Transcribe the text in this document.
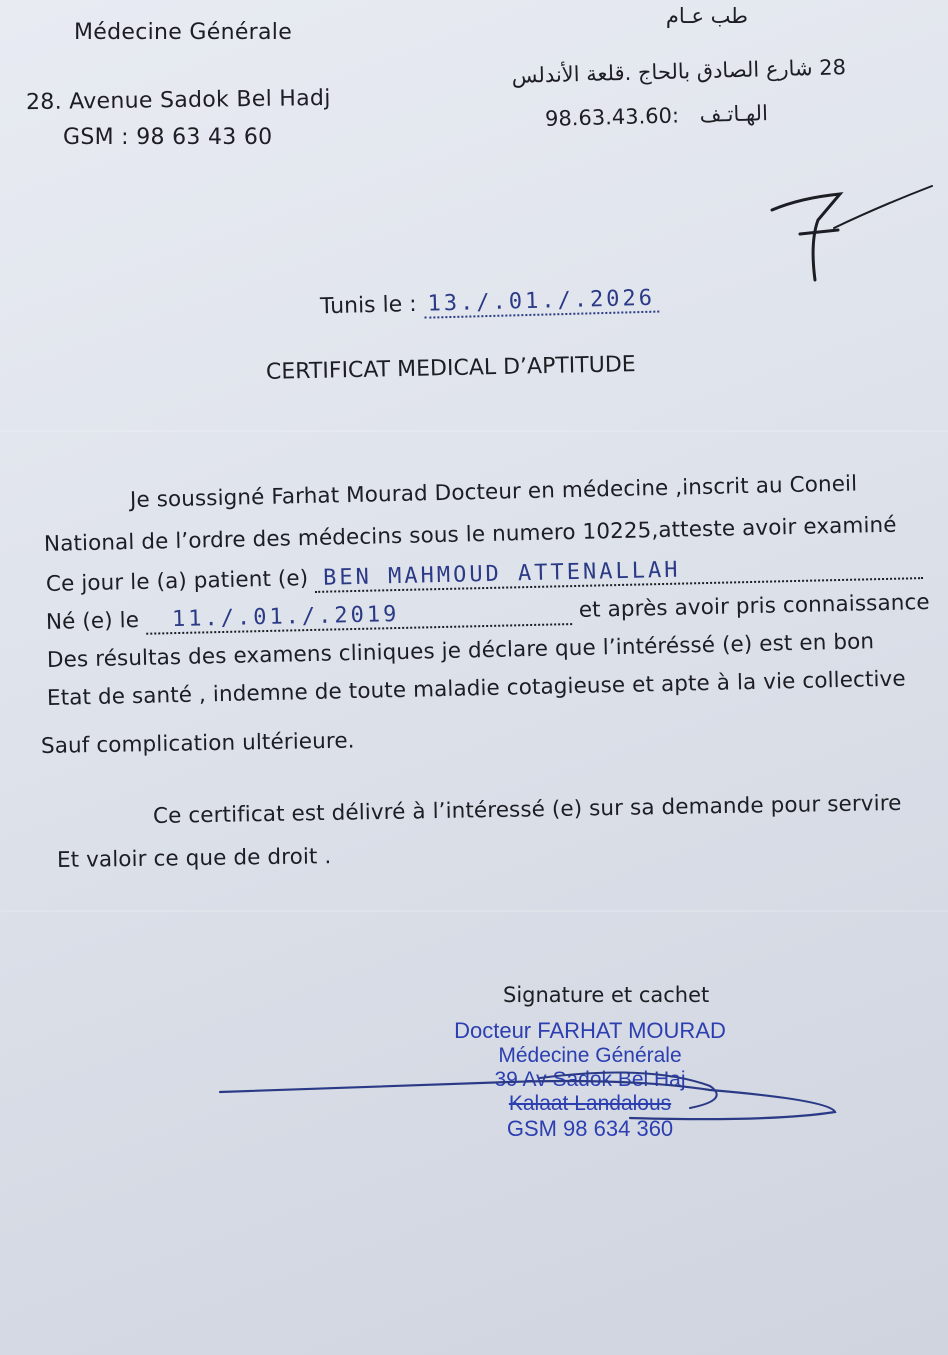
Médecine Générale
28. Avenue Sadok Bel Hadj
GSM : 98 63 43 60
طب عـام
28 شارع الصادق بالحاج .قلعة الأندلس
98.63.43.60: الهـاتـف
Tunis le : 13./.01./.2026
CERTIFICAT MEDICAL D’APTITUDE
Je soussigné Farhat Mourad Docteur en médecine ,inscrit au Coneil
National de l’ordre des médecins sous le numero 10225,atteste avoir examiné
Ce jour le (a) patient (e) BEN MAHMOUD ATTENALLAH
Né (e) le 11./.01./.2019	et après avoir pris connaissance
Des résultas des examens cliniques je déclare que l’intéréssé (e) est en bon
Etat de santé , indemne de toute maladie cotagieuse et apte à la vie collective
Sauf complication ultérieure.
Ce certificat est délivré à l’intéressé (e) sur sa demande pour servire
Et valoir ce que de droit .
Signature et cachet
Docteur FARHAT MOURAD
Médecine Générale
39 Av Sadok Bel Haj
Kalaat Landalous
GSM 98 634 360
